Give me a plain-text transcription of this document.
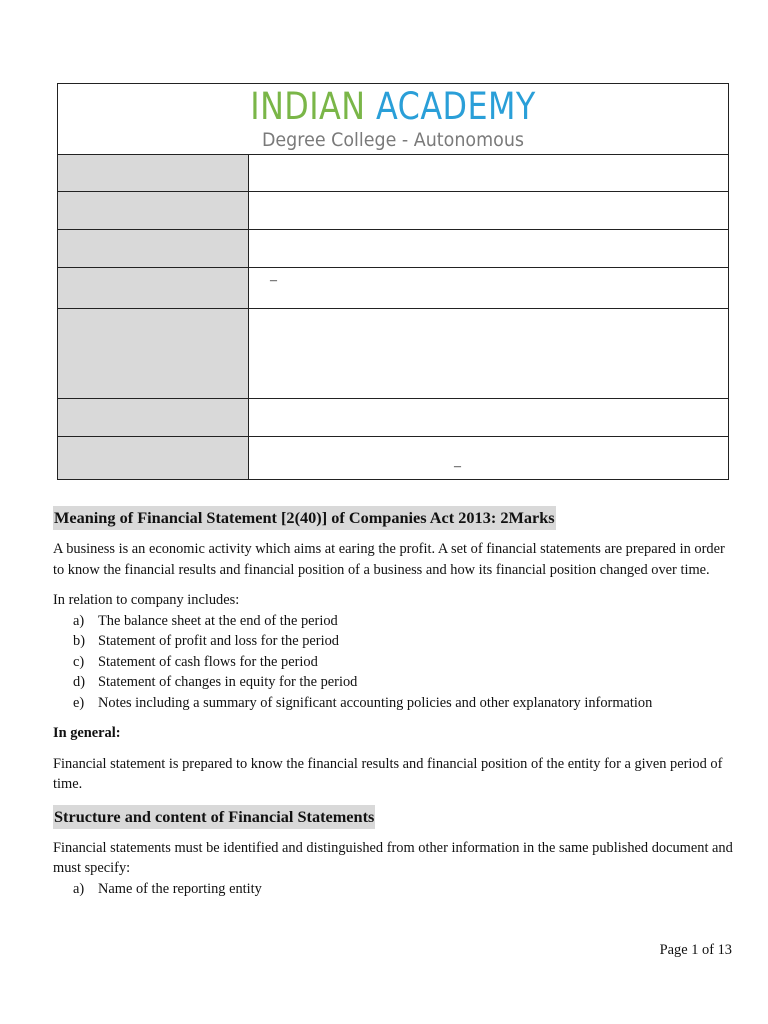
INDIAN ACADEMY
Degree College - Autonomous	

	–

	–
Meaning of Financial Statement [2(40)] of Companies Act 2013: 2Marks

A business is an economic activity which aims at earing the profit. A set of financial statements are prepared in order to know the financial results and financial position of a business and how its financial position changed over time.

In relation to company includes:

a) The balance sheet at the end of the period
b) Statement of profit and loss for the period
c) Statement of cash flows for the period
d) Statement of changes in equity for the period
e) Notes including a summary of significant accounting policies and other explanatory information

In general:

Financial statement is prepared to know the financial results and financial position of the entity for a given period of time.

Structure and content of Financial Statements

Financial statements must be identified and distinguished from other information in the same published document and must specify:

a) Name of the reporting entity
Page 1 of 13
